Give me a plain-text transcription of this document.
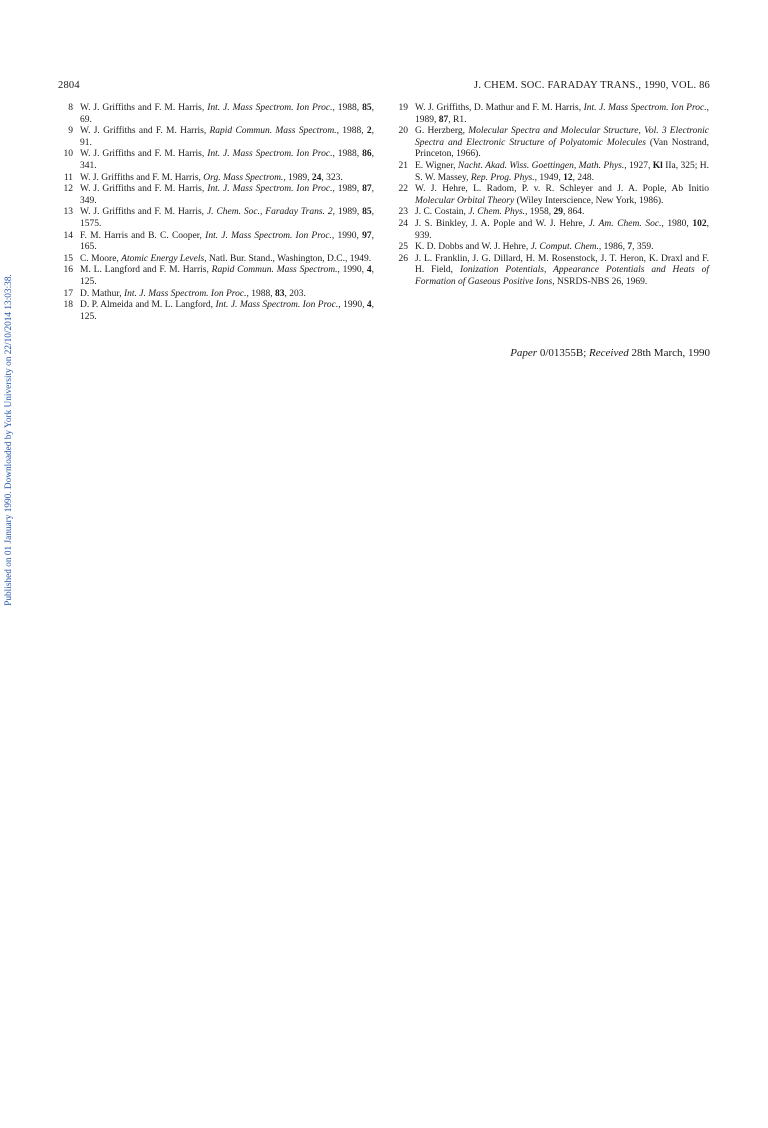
2804	J. CHEM. SOC. FARADAY TRANS., 1990, VOL. 86
Published on 01 January 1990. Downloaded by York University on 22/10/2014 13:03:38.

8 W. J. Griffiths and F. M. Harris, Int. J. Mass Spectrom. Ion Proc., 1988, 85, 69.

9 W. J. Griffiths and F. M. Harris, Rapid Commun. Mass Spectrom., 1988, 2, 91.

10 W. J. Griffiths and F. M. Harris, Int. J. Mass Spectrom. Ion Proc., 1988, 86, 341.

11 W. J. Griffiths and F. M. Harris, Org. Mass Spectrom., 1989, 24, 323.

12 W. J. Griffiths and F. M. Harris, Int. J. Mass Spectrom. Ion Proc., 1989, 87, 349.

13 W. J. Griffiths and F. M. Harris, J. Chem. Soc., Faraday Trans. 2, 1989, 85, 1575.

14 F. M. Harris and B. C. Cooper, Int. J. Mass Spectrom. Ion Proc., 1990, 97, 165.

15 C. Moore, Atomic Energy Levels, Natl. Bur. Stand., Washington, D.C., 1949.

16 M. L. Langford and F. M. Harris, Rapid Commun. Mass Spectrom., 1990, 4, 125.

17 D. Mathur, Int. J. Mass Spectrom. Ion Proc., 1988, 83, 203.

18 D. P. Almeida and M. L. Langford, Int. J. Mass Spectrom. Ion Proc., 1990, 4, 125.

19 W. J. Griffiths, D. Mathur and F. M. Harris, Int. J. Mass Spectrom. Ion Proc., 1989, 87, R1.

20 G. Herzberg, Molecular Spectra and Molecular Structure, Vol. 3 Electronic Spectra and Electronic Structure of Polyatomic Molecules (Van Nostrand, Princeton, 1966).

21 E. Wigner, Nacht. Akad. Wiss. Goettingen, Math. Phys., 1927, Kl IIa, 325; H. S. W. Massey, Rep. Prog. Phys., 1949, 12, 248.

22 W. J. Hehre, L. Radom, P. v. R. Schleyer and J. A. Pople, Ab Initio Molecular Orbital Theory (Wiley Interscience, New York, 1986).

23 J. C. Costain, J. Chem. Phys., 1958, 29, 864.

24 J. S. Binkley, J. A. Pople and W. J. Hehre, J. Am. Chem. Soc., 1980, 102, 939.

25 K. D. Dobbs and W. J. Hehre, J. Comput. Chem., 1986, 7, 359.

26 J. L. Franklin, J. G. Dillard, H. M. Rosenstock, J. T. Heron, K. Draxl and F. H. Field, Ionization Potentials, Appearance Potentials and Heats of Formation of Gaseous Positive Ions, NSRDS-NBS 26, 1969.

Paper 0/01355B; Received 28th March, 1990
